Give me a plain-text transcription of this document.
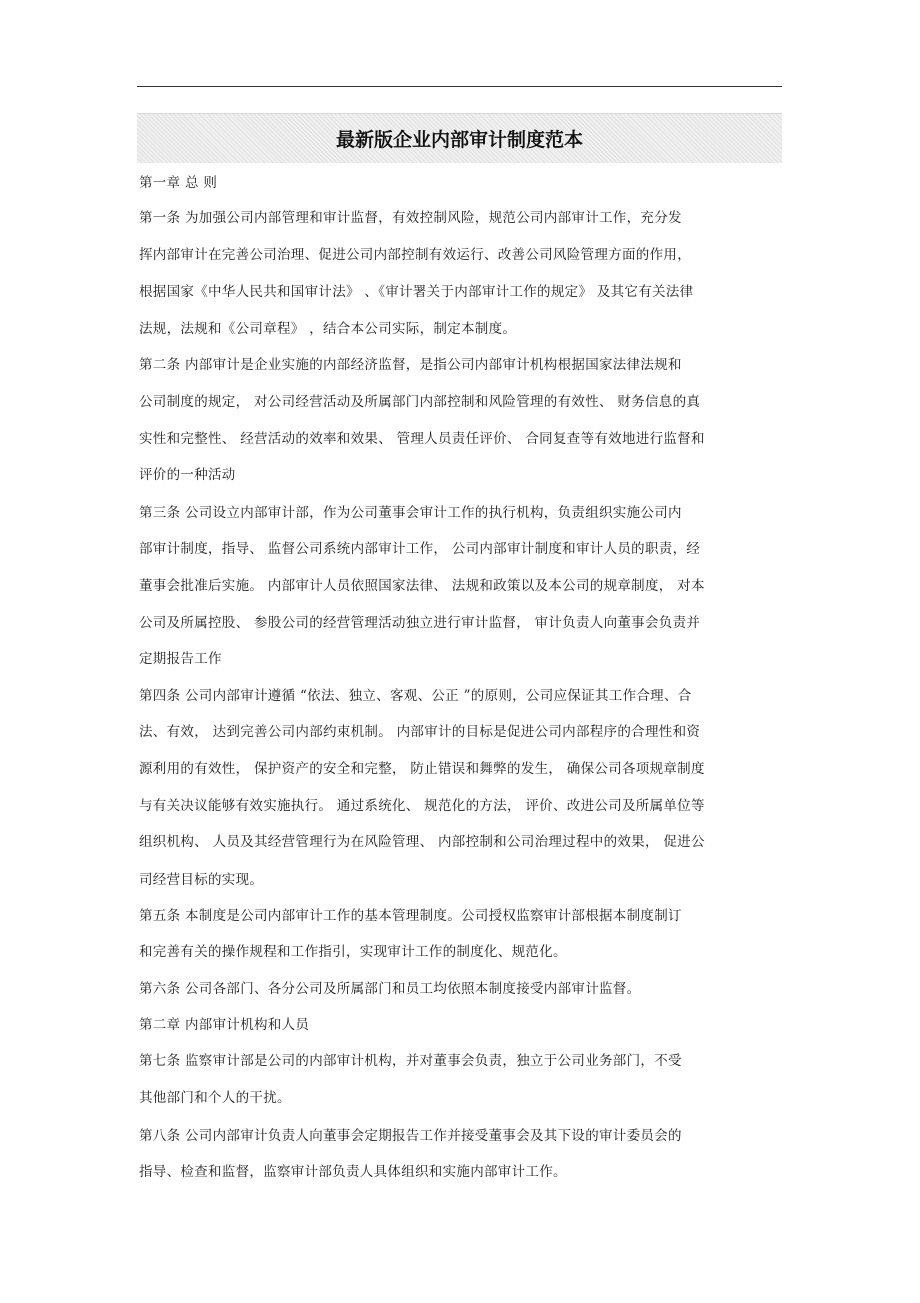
最新版企业内部审计制度范本

第一章 总 则

第一条 为加强公司内部管理和审计监督，有效控制风险，规范公司内部审计工作，充分发

挥内部审计在完善公司治理、促进公司内部控制有效运行、改善公司风险管理方面的作用，

根据国家《中华人民共和国审计法》 、《审计署关于内部审计工作的规定》 及其它有关法律

法规，法规和《公司章程》 ，结合本公司实际，制定本制度。

第二条 内部审计是企业实施的内部经济监督，是指公司内部审计机构根据国家法律法规和

公司制度的规定， 对公司经营活动及所属部门内部控制和风险管理的有效性、 财务信息的真

实性和完整性、 经营活动的效率和效果、 管理人员责任评价、 合同复查等有效地进行监督和

评价的一种活动

第三条 公司设立内部审计部，作为公司董事会审计工作的执行机构，负责组织实施公司内

部审计制度，指导、 监督公司系统内部审计工作， 公司内部审计制度和审计人员的职责，经

董事会批准后实施。 内部审计人员依照国家法律、 法规和政策以及本公司的规章制度， 对本

公司及所属控股、 参股公司的经营管理活动独立进行审计监督， 审计负责人向董事会负责并

定期报告工作

第四条 公司内部审计遵循 “依法、独立、客观、公正 ”的原则，公司应保证其工作合理、合

法、有效， 达到完善公司内部约束机制。 内部审计的目标是促进公司内部程序的合理性和资

源利用的有效性， 保护资产的安全和完整， 防止错误和舞弊的发生， 确保公司各项规章制度

与有关决议能够有效实施执行。 通过系统化、 规范化的方法， 评价、改进公司及所属单位等

组织机构、 人员及其经营管理行为在风险管理、 内部控制和公司治理过程中的效果， 促进公

司经营目标的实现。

第五条 本制度是公司内部审计工作的基本管理制度。公司授权监察审计部根据本制度制订

和完善有关的操作规程和工作指引，实现审计工作的制度化、规范化。

第六条 公司各部门、各分公司及所属部门和员工均依照本制度接受内部审计监督。

第二章 内部审计机构和人员

第七条 监察审计部是公司的内部审计机构，并对董事会负责，独立于公司业务部门，不受

其他部门和个人的干扰。

第八条 公司内部审计负责人向董事会定期报告工作并接受董事会及其下设的审计委员会的

指导、检查和监督，监察审计部负责人具体组织和实施内部审计工作。
